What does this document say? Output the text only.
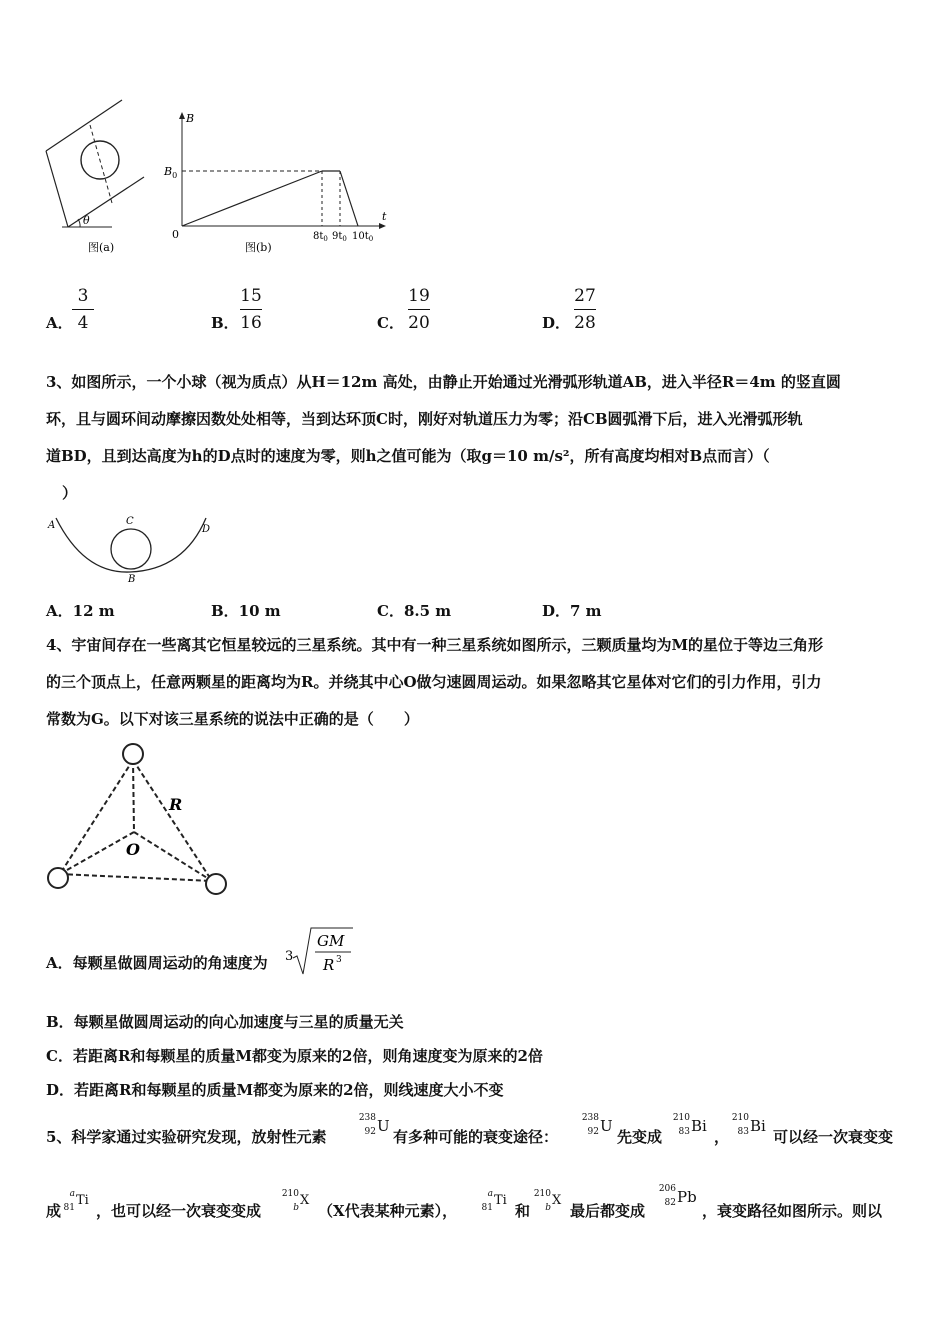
θ
图(a)
B
t
$B_0$
0	$8t_0$ $9t_0$ $10t_0$
图(b)
A．
3
4	B．
15
16	C．
19
20	D．
27
28
3、如图所示，一个小球（视为质点）从H＝12m 高处，由静止开始通过光滑弧形轨道AB，进入半径R＝4m 的竖直圆
环，且与圆环间动摩擦因数处处相等，当到达环顶C时，刚好对轨道压力为零；沿CB圆弧滑下后，进入光滑弧形轨
道BD，且到达高度为h的D点时的速度为零，则h之值可能为（取g＝10 m/s²，所有高度均相对B点而言）（
）
A	C
D
B
A．12 m	B．10 m	C．8.5 m	D．7 m
4、宇宙间存在一些离其它恒星较远的三星系统。其中有一种三星系统如图所示，三颗质量均为M的星位于等边三角形
的三个顶点上，任意两颗星的距离均为R。并绕其中心O做匀速圆周运动。如果忽略其它星体对它们的引力作用，引力
常数为G。以下对该三星系统的说法中正确的是（　　）
R
O
A．每颗星做圆周运动的角速度为 3
GM
R 3
B．每颗星做圆周运动的向心加速度与三星的质量无关
C．若距离R和每颗星的质量M都变为原来的2倍，则角速度变为原来的2倍
D．若距离R和每颗星的质量M都变为原来的2倍，则线速度大小不变
5、科学家通过实验研究发现，放射性元素
238
92 U
有多种可能的衰变途径：
238
92 U
先变成
210
83 Bi
，
210
83 Bi
可以经一次衰变变
成
a
81 Ti
，也可以经一次衰变变成
210
b X
（X代表某种元素），
a
81 Ti
和
210
b X
最后都变成
206
82 Pb
，衰变路径如图所示。则以
